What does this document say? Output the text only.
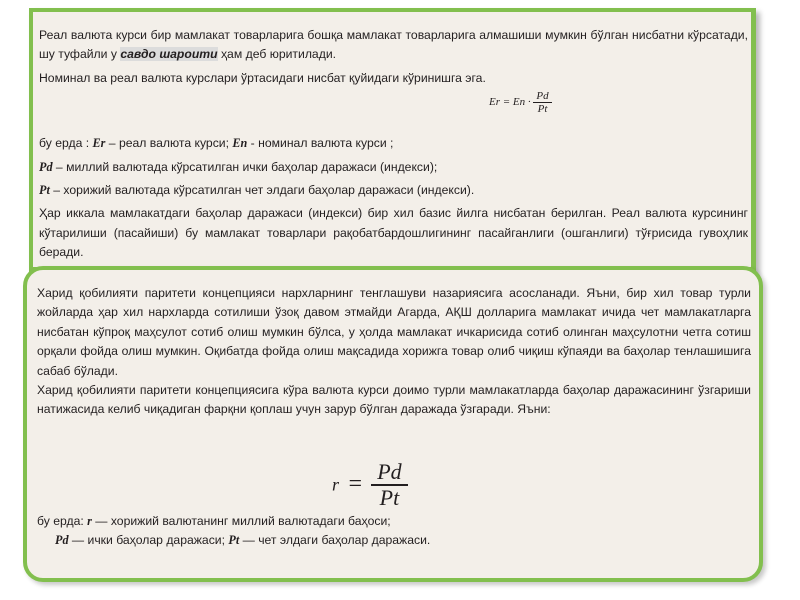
Реал валюта курси бир мамлакат товарларига бошқа мамлакат товарларига алмашиши мумкин бўлган нисбатни кўрсатади, шу туфайли у савдо шароити ҳам деб юритилади.

Номинал ва реал валюта курслари ўртасидаги нисбат қуйидаги кўринишга эга.

$Er = En \cdot \frac{Pd}{Pt}$

бу ерда : Er – реал валюта курси; En - номинал валюта курси ;

Pd – миллий валютада кўрсатилган ички баҳолар даражаси (индекси);

Pt – хорижий валютада кўрсатилган чет элдаги баҳолар даражаси (индекси).

Ҳар иккала мамлакатдаги баҳолар даражаси (индекси) бир хил базис йилга нисбатан берилган. Реал валюта курсининг кўтарилиши (пасайиши) бу мамлакат товарлари рақобатбардошлигининг пасайганлиги (ошганлиги) тўғрисида гувоҳлик беради.

Харид қобилияти паритети концепцияси нархларнинг тенглашуви назариясига асосланади. Яъни, бир хил товар турли жойларда ҳар хил нархларда сотилиши ўзоқ давом этмайди Агарда, АҚШ долларига мамлакат ичида чет мамлакатларга нисбатан кўпроқ маҳсулот сотиб олиш мумкин бўлса, у ҳолда мамлакат ичкарисида сотиб олинган маҳсулотни четга сотиш орқали фойда олиш мумкин. Оқибатда фойда олиш мақсадида хорижга товар олиб чиқиш кўпаяди ва баҳолар тенлашишига сабаб бўлади.

Харид қобилияти паритети концепциясига кўра валюта курси доимо турли мамлакатларда баҳолар даражасининг ўзгариши натижасида келиб чиқадиган фарқни қоплаш учун зарур бўлган даражада ўзгаради. Яъни:

$r = \frac{Pd}{Pt}$

бу ерда: r — хорижий валютанинг миллий валютадаги баҳоси;

Pd — ички баҳолар даражаси; Pt — чет элдаги баҳолар даражаси.
